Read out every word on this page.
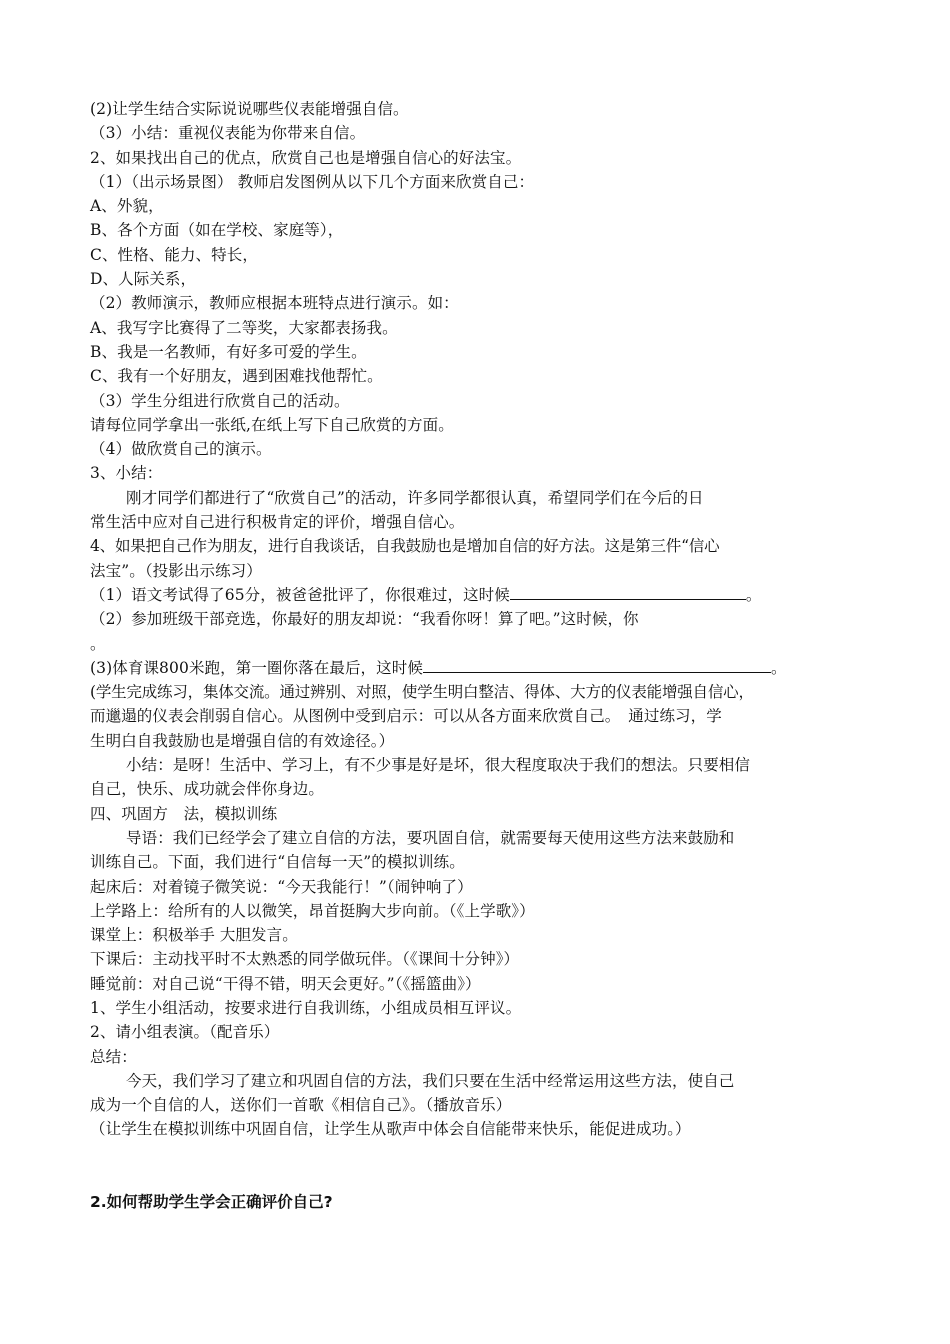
(2)让学生结合实际说说哪些仪表能增强自信。
（3）小结：重视仪表能为你带来自信。
2、如果找出自己的优点，欣赏自己也是增强自信心的好法宝。
（1）（出示场景图） 教师启发图例从以下几个方面来欣赏自己：
A、外貌，
B、各个方面（如在学校、家庭等），
C、性格、能力、特长，
D、人际关系，
（2）教师演示，教师应根据本班特点进行演示。如：
A、我写字比赛得了二等奖，大家都表扬我。
B、我是一名教师，有好多可爱的学生。
C、我有一个好朋友，遇到困难找他帮忙。
（3）学生分组进行欣赏自己的活动。
请每位同学拿出一张纸,在纸上写下自己欣赏的方面。
（4）做欣赏自己的演示。
3、小结：
刚才同学们都进行了“欣赏自己”的活动，许多同学都很认真，希望同学们在今后的日
常生活中应对自己进行积极肯定的评价，增强自信心。
4、如果把自己作为朋友，进行自我谈话，自我鼓励也是增加自信的好方法。这是第三件“信心
法宝”。（投影出示练习）
（1）语文考试得了65分，被爸爸批评了，你很难过，这时候	。
（2）参加班级干部竞选，你最好的朋友却说：“我看你呀！算了吧。”这时候，你
。
(3)体育课800米跑，第一圈你落在最后，这时候	。
(学生完成练习，集体交流。通过辨别、对照，使学生明白整洁、得体、大方的仪表能增强自信心，
而邋遢的仪表会削弱自信心。从图例中受到启示：可以从各方面来欣赏自己。　通过练习，学
生明白自我鼓励也是增强自信的有效途径。）
小结：是呀！生活中、学习上，有不少事是好是坏，很大程度取决于我们的想法。只要相信
自己，快乐、成功就会伴你身边。
四、巩固方　法，模拟训练
导语：我们已经学会了建立自信的方法，要巩固自信，就需要每天使用这些方法来鼓励和
训练自己。下面，我们进行“自信每一天”的模拟训练。
起床后：对着镜子微笑说：“今天我能行！”（闹钟响了）
上学路上：给所有的人以微笑，昂首挺胸大步向前。（《上学歌》）
课堂上：积极举手 大胆发言。
下课后：主动找平时不太熟悉的同学做玩伴。（《课间十分钟》）
睡觉前：对自己说“干得不错，明天会更好。”（《摇篮曲》）
1、学生小组活动，按要求进行自我训练，小组成员相互评议。
2、请小组表演。（配音乐）
总结：
今天，我们学习了建立和巩固自信的方法，我们只要在生活中经常运用这些方法，使自己
成为一个自信的人，送你们一首歌《相信自己》。（播放音乐）
（让学生在模拟训练中巩固自信，让学生从歌声中体会自信能带来快乐，能促进成功。）
2.如何帮助学生学会正确评价自己?
